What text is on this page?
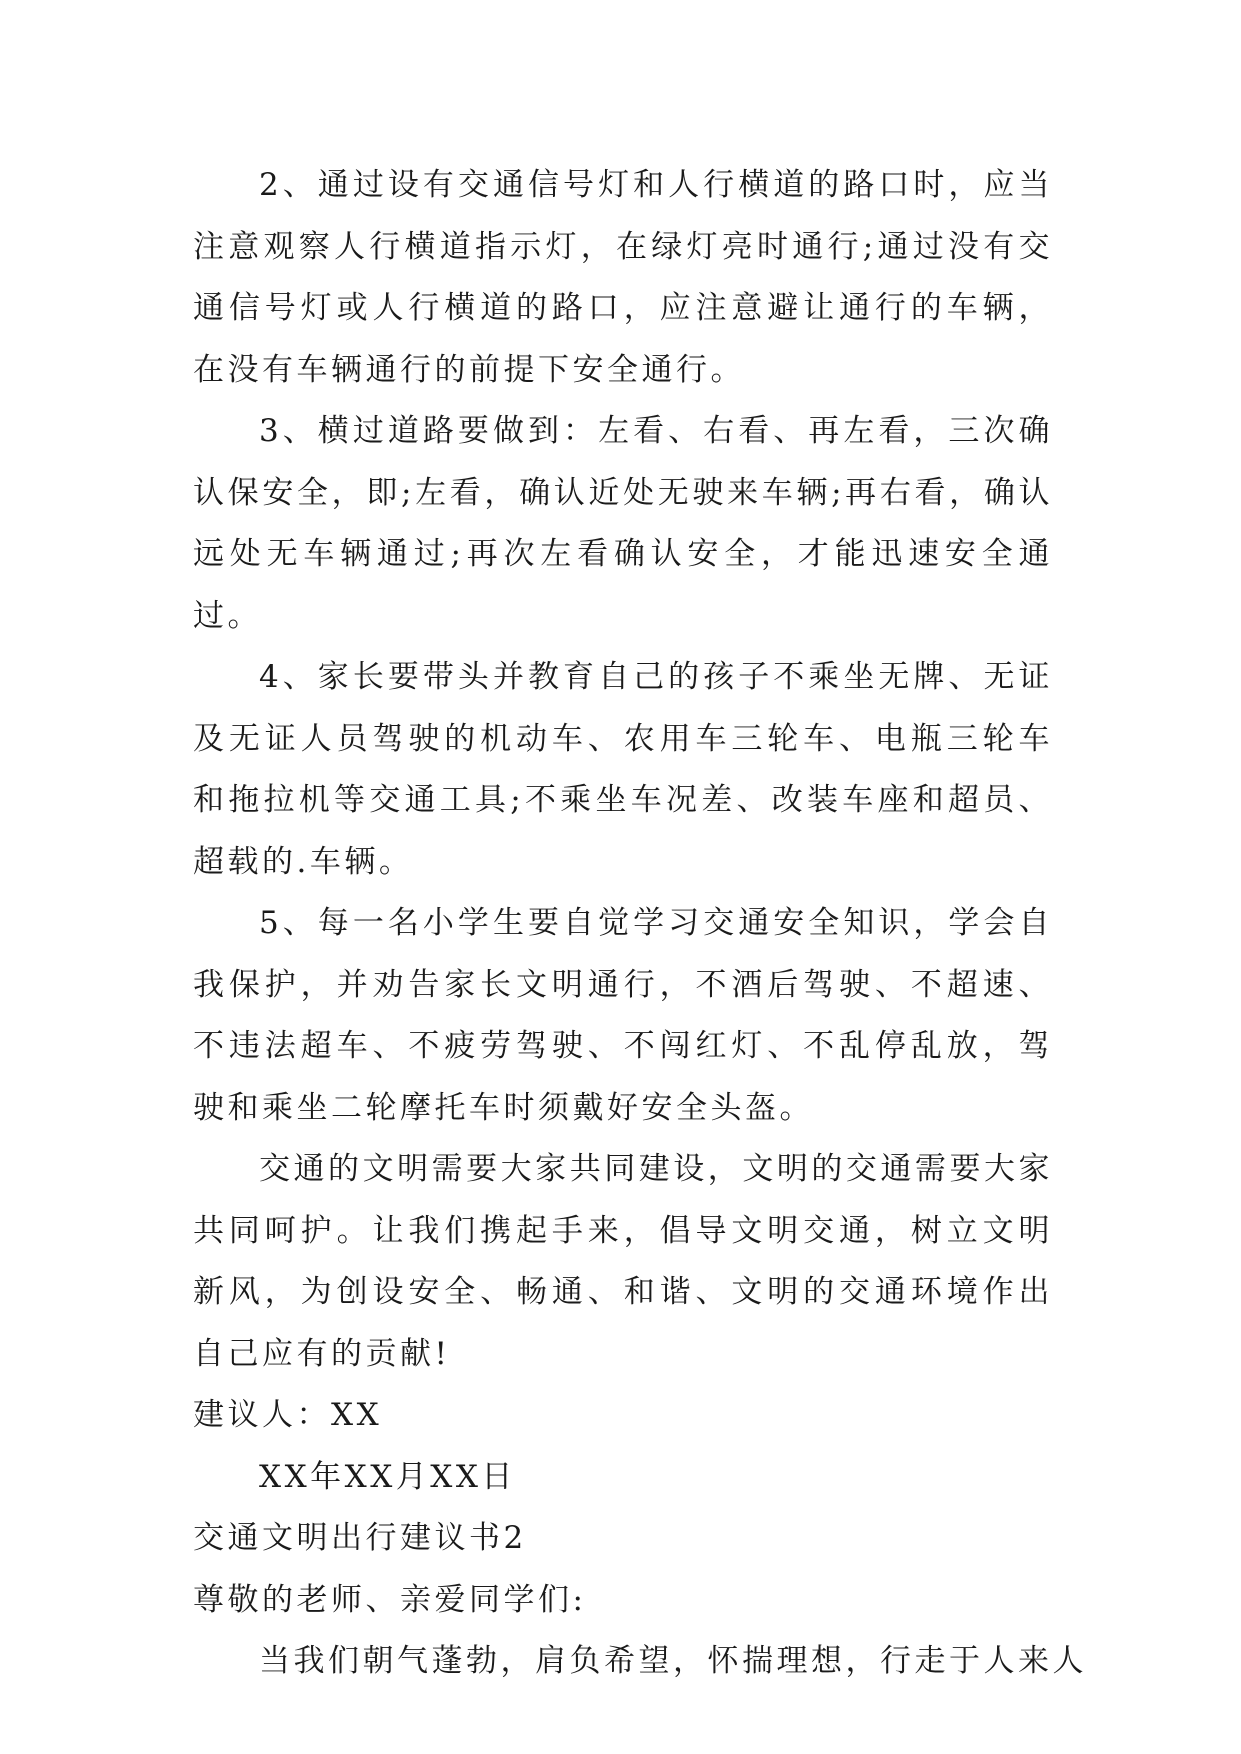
2、通过设有交通信号灯和人行横道的路口时，应当注意观察人行横道指示灯，在绿灯亮时通行;通过没有交通信号灯或人行横道的路口，应注意避让通行的车辆，在没有车辆通行的前提下安全通行。

3、横过道路要做到：左看、右看、再左看，三次确认保安全，即;左看，确认近处无驶来车辆;再右看，确认远处无车辆通过;再次左看确认安全，才能迅速安全通过。

4、家长要带头并教育自己的孩子不乘坐无牌、无证及无证人员驾驶的机动车、农用车三轮车、电瓶三轮车和拖拉机等交通工具;不乘坐车况差、改装车座和超员、超载的.车辆。

5、每一名小学生要自觉学习交通安全知识，学会自我保护，并劝告家长文明通行，不酒后驾驶、不超速、不违法超车、不疲劳驾驶、不闯红灯、不乱停乱放，驾驶和乘坐二轮摩托车时须戴好安全头盔。

交通的文明需要大家共同建设，文明的交通需要大家共同呵护。让我们携起手来，倡导文明交通，树立文明新风，为创设安全、畅通、和谐、文明的交通环境作出自己应有的贡献!

建议人：XX

XX年XX月XX日

交通文明出行建议书2

尊敬的老师、亲爱同学们:

当我们朝气蓬勃，肩负希望，怀揣理想，行走于人来人
